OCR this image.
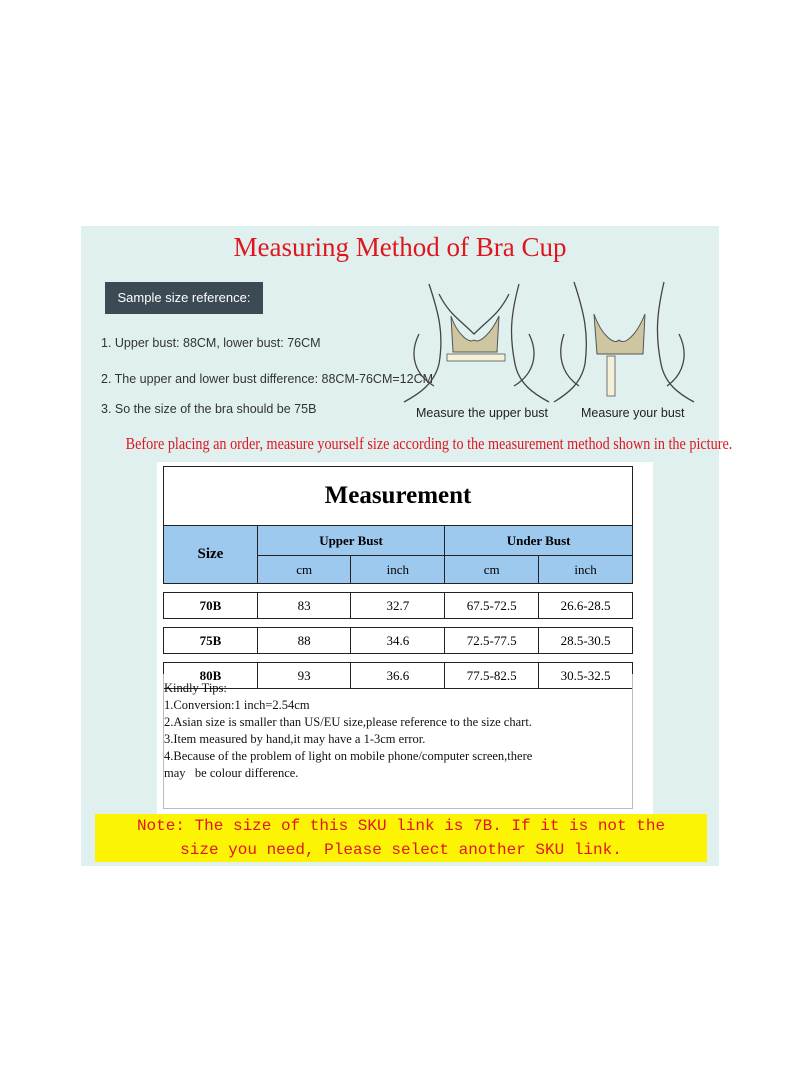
Measuring Method of Bra Cup
Sample size reference:
1. Upper bust: 88CM, lower bust: 76CM
2. The upper and lower bust difference: 88CM-76CM=12CM
3. So the size of the bra should be 75B	Measure the upper bust	Measure your bust
Before placing an order, measure yourself size according to the measurement method shown in the picture.
Measurement				
Size	Upper Bust		Under Bust	
	cm	inch	cm	inch

70B	83	32.7	67.5-72.5	26.6-28.5

75B	88	34.6	72.5-77.5	28.5-30.5

80B	93	36.6	77.5-82.5	30.5-32.5
Kindly Tips:
1.Conversion:1 inch=2.54cm
2.Asian size is smaller than US/EU size,please reference to the size chart.
3.Item measured by hand,it may have a 1-3cm error.
4.Because of the problem of light on mobile phone/computer screen,there
may   be colour difference.
Note: The size of this SKU link is 7B. If it is not the
size you need, Please select another SKU link.
